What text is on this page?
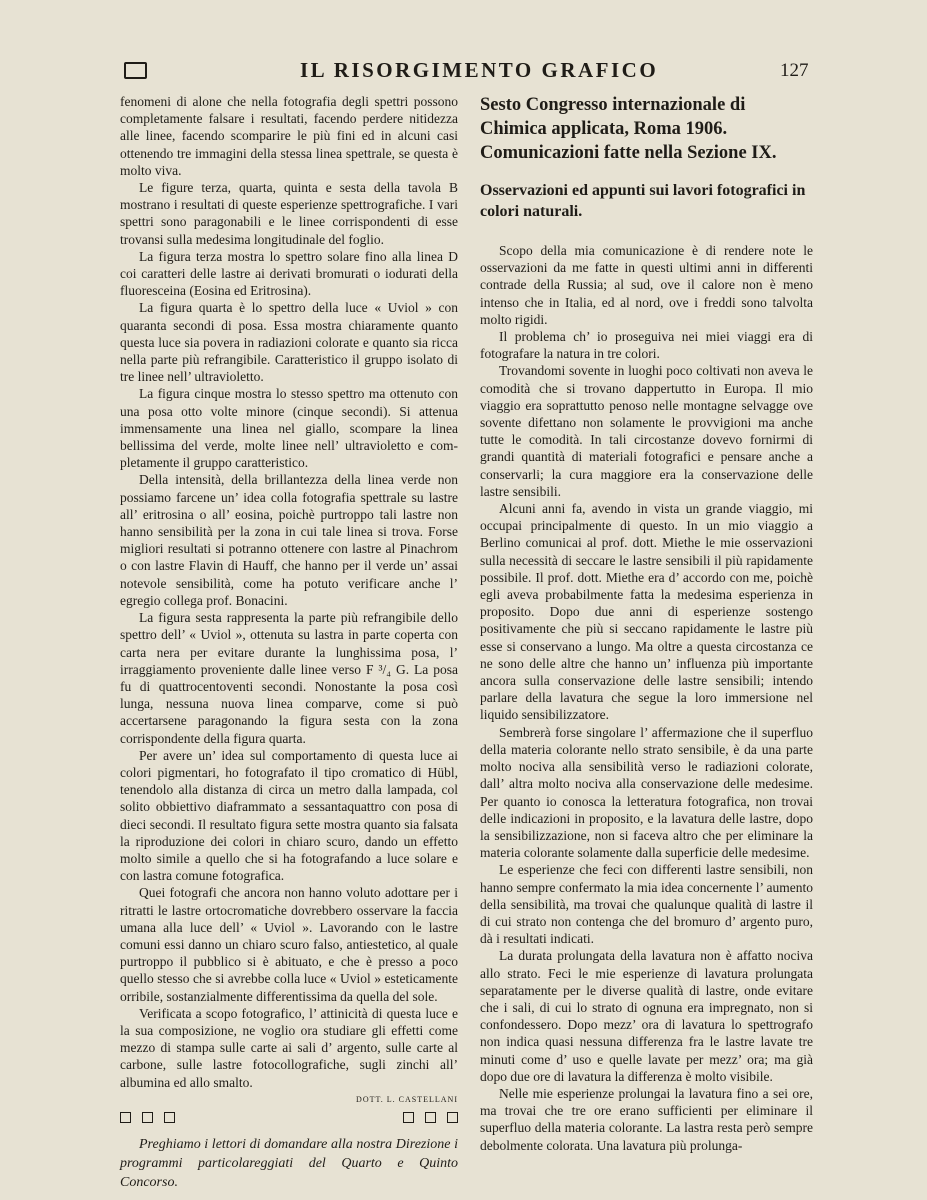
IL RISORGIMENTO GRAFICO	127

fenomeni di alone che nella fotografia degli spettri possono completamente falsare i resultati, facendo perdere nitidezza alle linee, facendo scomparire le più fini ed in alcuni casi ottenendo tre immagini della stessa linea spettrale, se questa è molto viva.

Le figure terza, quarta, quinta e sesta della tavola B mostrano i resultati di queste esperienze spettrografiche. I vari spettri sono paragonabili e le linee corrispondenti di esse trovansi sulla medesima longitudinale del foglio.

La figura terza mostra lo spettro solare fino alla linea D coi caratteri delle lastre ai derivati bromurati o iodurati della fluoresceina (Eosina ed Eritrosina).

La figura quarta è lo spettro della luce « Uviol » con quaranta secondi di posa. Essa mostra chiaramente quanto questa luce sia povera in radiazioni colorate e quanto sia ricca nella parte più refrangibile. Caratteristico il gruppo isolato di tre linee nell’ ultravioletto.

La figura cinque mostra lo stesso spettro ma ottenuto con una posa otto volte minore (cinque secondi). Si attenua immensamente una linea nel giallo, scompare la linea bellissima del verde, molte linee nell’ ultravioletto e completamente il gruppo caratteristico.

Della intensità, della brillantezza della linea verde non possiamo farcene un’ idea colla fotografia spettrale su lastre all’ eritrosina o all’ eosina, poichè purtroppo tali lastre non hanno sensibilità per la zona in cui tale linea si trova. Forse migliori resultati si potranno ottenere con lastre al Pinachrom o con lastre Flavin di Hauff, che hanno per il verde un’ assai notevole sensibilità, come ha potuto verificare anche l’ egregio collega prof. Bonacini.

La figura sesta rappresenta la parte più refrangibile dello spettro dell’ « Uviol », ottenuta su lastra in parte coperta con carta nera per evitare durante la lunghissima posa, l’ irraggiamento proveniente dalle linee verso F ³/₄ G. La posa fu di quattrocentoventi secondi. Nonostante la posa così lunga, nessuna nuova linea comparve, come si può accertarsene paragonando la figura sesta con la zona corrispondente della figura quarta.

Per avere un’ idea sul comportamento di questa luce ai colori pigmentari, ho fotografato il tipo cromatico di Hübl, tenendolo alla distanza di circa un metro dalla lampada, col solito obbiettivo diaframmato a sessantaquattro con posa di dieci secondi. Il resultato figura sette mostra quanto sia falsata la riproduzione dei colori in chiaro scuro, dando un effetto molto simile a quello che si ha fotografando a luce solare e con lastra comune fotografica.

Quei fotografi che ancora non hanno voluto adottare per i ritratti le lastre ortocromatiche dovrebbero osservare la faccia umana alla luce dell’ « Uviol ». Lavorando con le lastre comuni essi danno un chiaro scuro falso, antiestetico, al quale purtroppo il pubblico si è abituato, e che è presso a poco quello stesso che si avrebbe colla luce « Uviol » esteticamente orribile, sostanzialmente differentissima da quella del sole.

Verificata a scopo fotografico, l’ attinicità di questa luce e la sua composizione, ne voglio ora studiare gli effetti come mezzo di stampa sulle carte ai sali d’ argento, sulle carte al carbone, sulle lastre fotocollografiche, sugli zinchi all’ albumina ed allo smalto.

DOTT. L. CASTELLANI

Preghiamo i lettori di domandare alla nostra Direzione i programmi particolareggiati del Quarto e Quinto Concorso.

Sesto Congresso internazionale di Chimica applicata, Roma 1906. Comunicazioni fatte nella Sezione IX.
Osservazioni ed appunti sui lavori fotografici in colori naturali.

Scopo della mia comunicazione è di rendere note le osservazioni da me fatte in questi ultimi anni in differenti contrade della Russia; al sud, ove il calore non è meno intenso che in Italia, ed al nord, ove i freddi sono talvolta molto rigidi.

Il problema ch’ io proseguiva nei miei viaggi era di fotografare la natura in tre colori.

Trovandomi sovente in luoghi poco coltivati non aveva le comodità che si trovano dappertutto in Europa. Il mio viaggio era soprattutto penoso nelle montagne selvagge ove sovente difettano non solamente le provvigioni ma anche tutte le comodità. In tali circostanze dovevo fornirmi di grandi quantità di materiali fotografici e pensare anche a conservarli; la cura maggiore era la conservazione delle lastre sensibili.

Alcuni anni fa, avendo in vista un grande viaggio, mi occupai principalmente di questo. In un mio viaggio a Berlino comunicai al prof. dott. Miethe le mie osservazioni sulla necessità di seccare le lastre sensibili il più rapidamente possibile. Il prof. dott. Miethe era d’ accordo con me, poichè egli aveva probabilmente fatta la medesima esperienza in proposito. Dopo due anni di esperienze sostengo positivamente che più si seccano rapidamente le lastre più esse si conservano a lungo. Ma oltre a questa circostanza ce ne sono delle altre che hanno un’ influenza più importante ancora sulla conservazione delle lastre sensibili; intendo parlare della lavatura che segue la loro immersione nel liquido sensibilizzatore.

Sembrerà forse singolare l’ affermazione che il superfluo della materia colorante nello strato sensibile, è da una parte molto nociva alla sensibilità verso le radiazioni colorate, dall’ altra molto nociva alla conservazione delle medesime. Per quanto io conosca la letteratura fotografica, non trovai delle indicazioni in proposito, e la lavatura delle lastre, dopo la sensibilizzazione, non si faceva altro che per eliminare la materia colorante solamente dalla superficie delle medesime.

Le esperienze che feci con differenti lastre sensibili, non hanno sempre confermato la mia idea concernente l’ aumento della sensibilità, ma trovai che qualunque qualità di lastre il di cui strato non contenga che del bromuro d’ argento puro, dà i resultati indicati.

La durata prolungata della lavatura non è affatto nociva allo strato. Feci le mie esperienze di lavatura prolungata separatamente per le diverse qualità di lastre, onde evitare che i sali, di cui lo strato di ognuna era impregnato, non si confondessero. Dopo mezz’ ora di lavatura lo spettrografo non indica quasi nessuna differenza fra le lastre lavate tre minuti come d’ uso e quelle lavate per mezz’ ora; ma già dopo due ore di lavatura la differenza è molto visibile.

Nelle mie esperienze prolungai la lavatura fino a sei ore, ma trovai che tre ore erano sufficienti per eliminare il superfluo della materia colorante. La lastra resta però sempre debolmente colorata. Una lavatura più prolunga-
